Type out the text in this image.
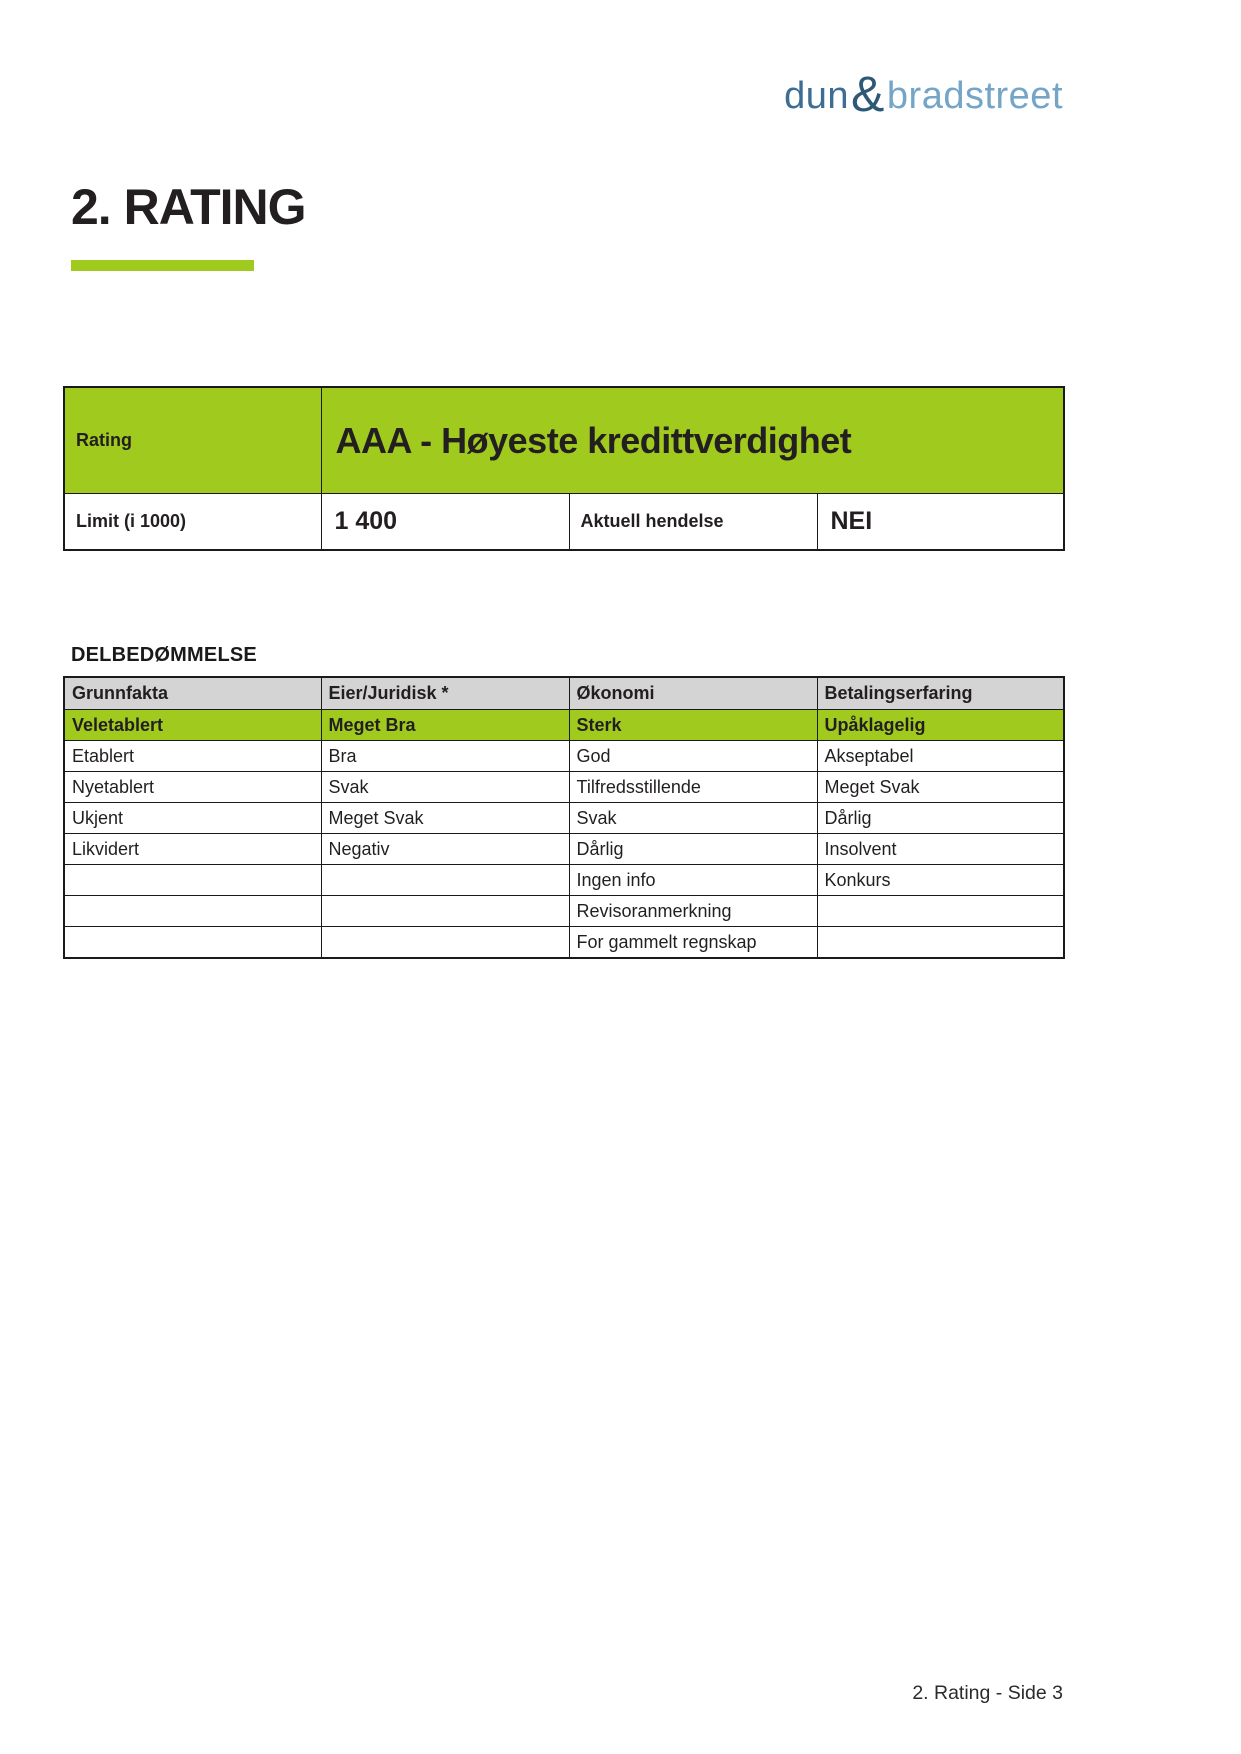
dun & bradstreet
2. RATING
Rating	AAA - Høyeste kredittverdighet		
Limit (i 1000)	1 400	Aktuell hendelse	NEI
DELBEDØMMELSE
Grunnfakta	Eier/Juridisk *	Økonomi	Betalingserfaring
Veletablert	Meget Bra	Sterk	Upåklagelig
Etablert	Bra	God	Akseptabel
Nyetablert	Svak	Tilfredsstillende	Meget Svak
Ukjent	Meget Svak	Svak	Dårlig
Likvidert	Negativ	Dårlig	Insolvent
		Ingen info	Konkurs
		Revisoranmerkning	
		For gammelt regnskap	
2. Rating - Side 3
